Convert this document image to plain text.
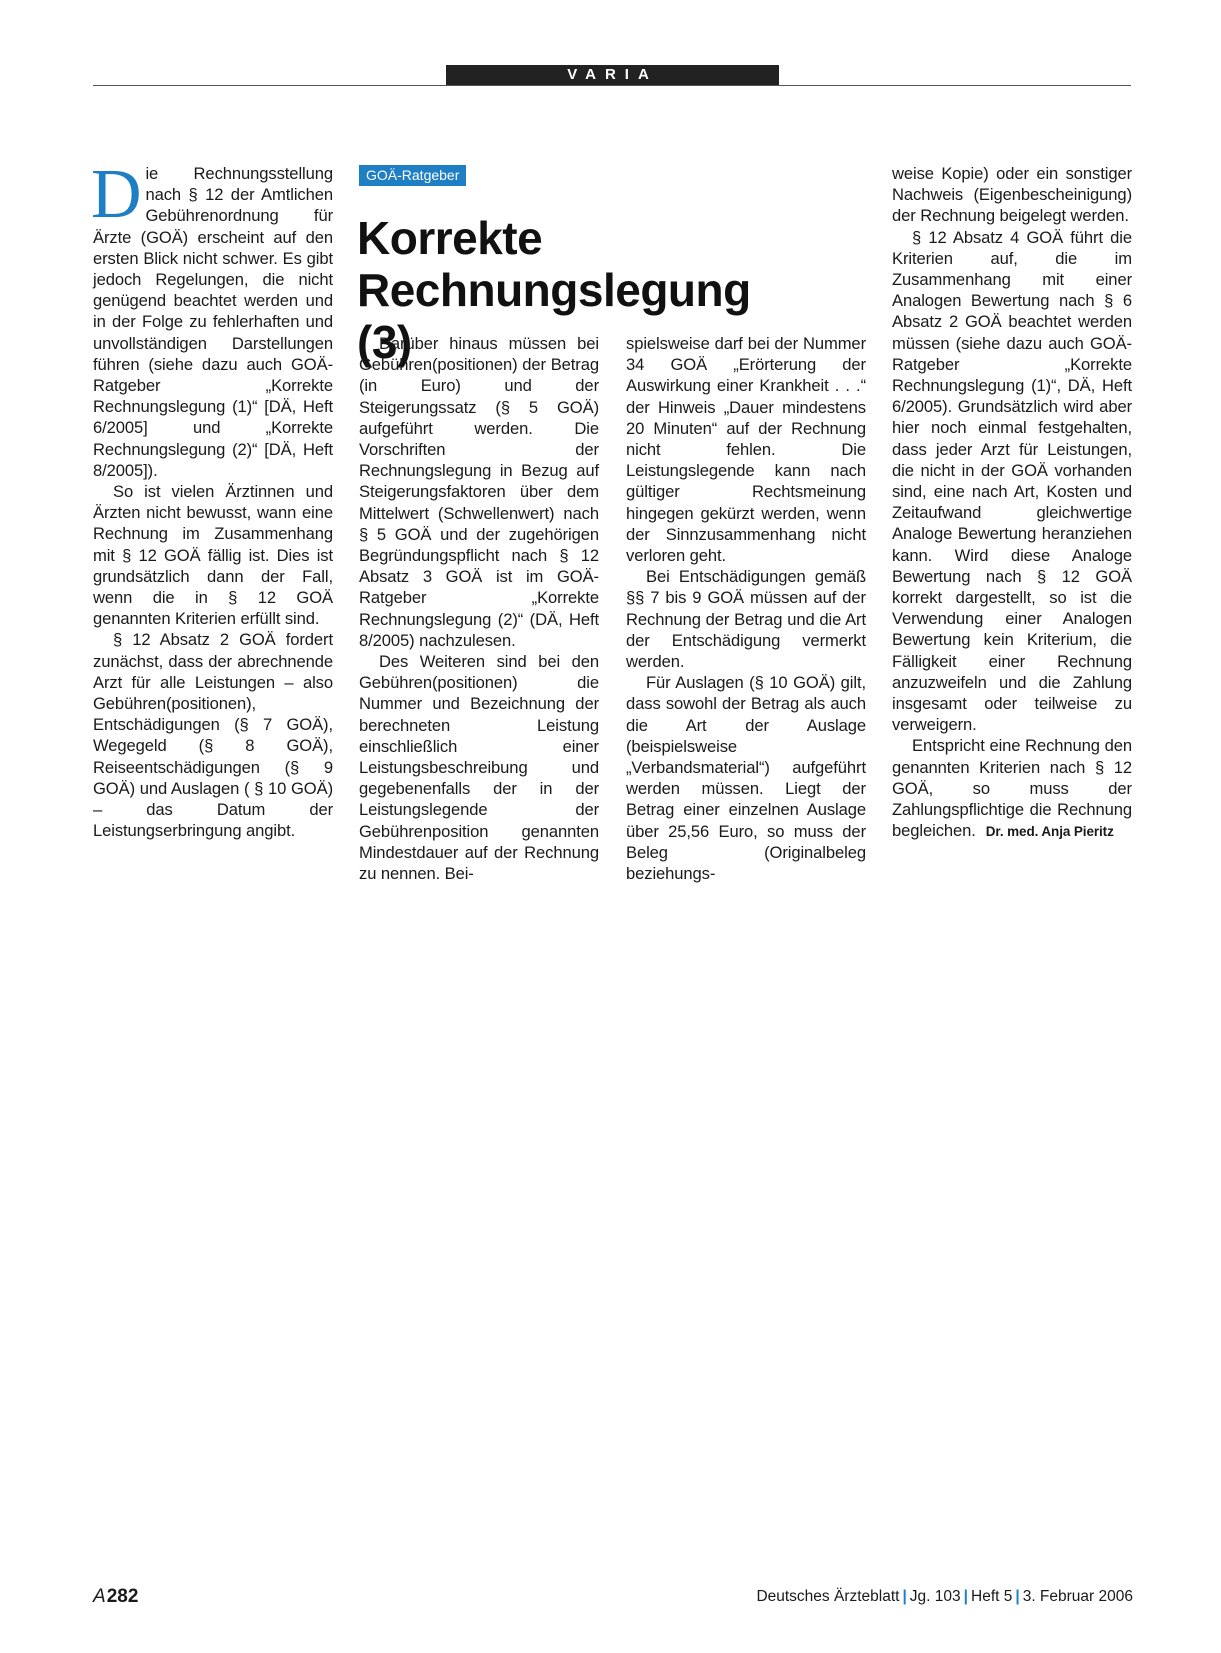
VARIA

Die Rechnungsstellung nach § 12 der Amtlichen Gebührenordnung für Ärzte (GOÄ) erscheint auf den ersten Blick nicht schwer. Es gibt jedoch Regelungen, die nicht genügend beachtet werden und in der Folge zu fehlerhaften und unvollständigen Darstellungen führen (siehe dazu auch GOÄ-Ratgeber „Korrekte Rechnungslegung (1)“ [DÄ, Heft 6/2005] und „Korrekte Rechnungslegung (2)“ [DÄ, Heft 8/2005]).

So ist vielen Ärztinnen und Ärzten nicht bewusst, wann eine Rechnung im Zusammenhang mit § 12 GOÄ fällig ist. Dies ist grundsätzlich dann der Fall, wenn die in § 12 GOÄ genannten Kriterien erfüllt sind.

§ 12 Absatz 2 GOÄ fordert zunächst, dass der abrechnende Arzt für alle Leistungen – also Gebühren(positionen), Entschädigungen (§ 7 GOÄ), Wegegeld (§ 8 GOÄ), Reiseentschädigungen (§ 9 GOÄ) und Auslagen ( § 10 GOÄ) – das Datum der Leistungserbringung angibt.

GOÄ-Ratgeber
Korrekte Rechnungslegung (3)

Darüber hinaus müssen bei Gebühren(positionen) der Betrag (in Euro) und der Steigerungssatz (§ 5 GOÄ) aufgeführt werden. Die Vorschriften der Rechnungslegung in Bezug auf Steigerungsfaktoren über dem Mittelwert (Schwellenwert) nach § 5 GOÄ und der zugehörigen Begründungspflicht nach § 12 Absatz 3 GOÄ ist im GOÄ-Ratgeber „Korrekte Rechnungslegung (2)“ (DÄ, Heft 8/2005) nachzulesen.

Des Weiteren sind bei den Gebühren(positionen) die Nummer und Bezeichnung der berechneten Leistung einschließlich einer Leistungsbeschreibung und gegebenenfalls der in der Leistungslegende der Gebührenposition genannten Mindestdauer auf der Rechnung zu nennen. Bei-

spielsweise darf bei der Nummer 34 GOÄ „Erörterung der Auswirkung einer Krankheit . . .“ der Hinweis „Dauer mindestens 20 Minuten“ auf der Rechnung nicht fehlen. Die Leistungslegende kann nach gültiger Rechtsmeinung hingegen gekürzt werden, wenn der Sinnzusammenhang nicht verloren geht.

Bei Entschädigungen gemäß §§ 7 bis 9 GOÄ müssen auf der Rechnung der Betrag und die Art der Entschädigung vermerkt werden.

Für Auslagen (§ 10 GOÄ) gilt, dass sowohl der Betrag als auch die Art der Auslage (beispielsweise „Verbandsmaterial“) aufgeführt werden müssen. Liegt der Betrag einer einzelnen Auslage über 25,56 Euro, so muss der Beleg (Originalbeleg beziehungs-

weise Kopie) oder ein sonstiger Nachweis (Eigenbescheinigung) der Rechnung beigelegt werden.

§ 12 Absatz 4 GOÄ führt die Kriterien auf, die im Zusammenhang mit einer Analogen Bewertung nach § 6 Absatz 2 GOÄ beachtet werden müssen (siehe dazu auch GOÄ-Ratgeber „Korrekte Rechnungslegung (1)“, DÄ, Heft 6/2005). Grundsätzlich wird aber hier noch einmal festgehalten, dass jeder Arzt für Leistungen, die nicht in der GOÄ vorhanden sind, eine nach Art, Kosten und Zeitaufwand gleichwertige Analoge Bewertung heranziehen kann. Wird diese Analoge Bewertung nach § 12 GOÄ korrekt dargestellt, so ist die Verwendung einer Analogen Bewertung kein Kriterium, die Fälligkeit einer Rechnung anzuzweifeln und die Zahlung insgesamt oder teilweise zu verweigern.

Entspricht eine Rechnung den genannten Kriterien nach § 12 GOÄ, so muss der Zahlungspflichtige die Rechnung begleichen. Dr. med. Anja Pieritz

A282	Deutsches Ärzteblatt | Jg. 103 | Heft 5 | 3. Februar 2006
